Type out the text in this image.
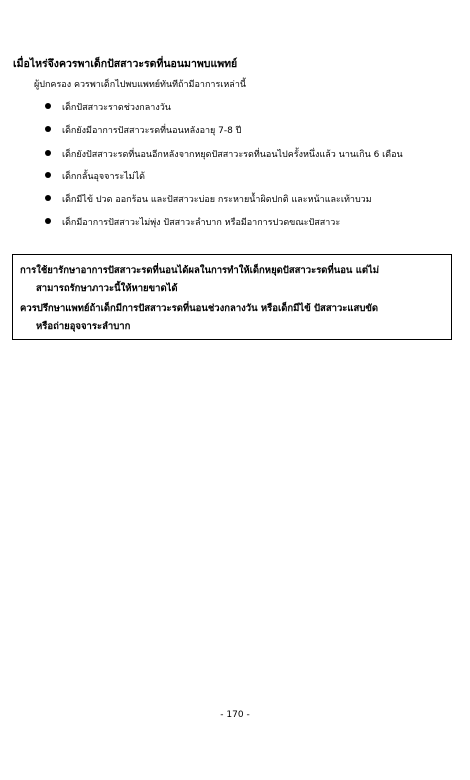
เมื่อไหร่จึงควรพาเด็กปัสสาวะรดที่นอนมาพบแพทย์
ผู้ปกครอง ควรพาเด็กไปพบแพทย์ทันทีถ้ามีอาการเหล่านี้
เด็กปัสสาวะราดช่วงกลางวัน
เด็กยังมีอาการปัสสาวะรดที่นอนหลังอายุ 7-8 ปี
เด็กยังปัสสาวะรดที่นอนอีกหลังจากหยุดปัสสาวะรดที่นอนไปครั้งหนึ่งแล้ว นานเกิน 6 เดือน
เด็กกลั้นอุจจาระไม่ได้
เด็กมีไข้ ปวด ออกร้อน และปัสสาวะบ่อย กระหายน้ำผิดปกติ และหน้าและเท้าบวม
เด็กมีอาการปัสสาวะไม่พุ่ง ปัสสาวะลำบาก หรือมีอาการปวดขณะปัสสาวะ

การใช้ยารักษาอาการปัสสาวะรดที่นอนได้ผลในการทำให้เด็กหยุดปัสสาวะรดที่นอน แต่ไม่

สามารถรักษาภาวะนี้ให้หายขาดได้

ควรปรึกษาแพทย์ถ้าเด็กมีการปัสสาวะรดที่นอนช่วงกลางวัน หรือเด็กมีไข้ ปัสสาวะแสบขัด

หรือถ่ายอุจจาระลำบาก

- 170 -
